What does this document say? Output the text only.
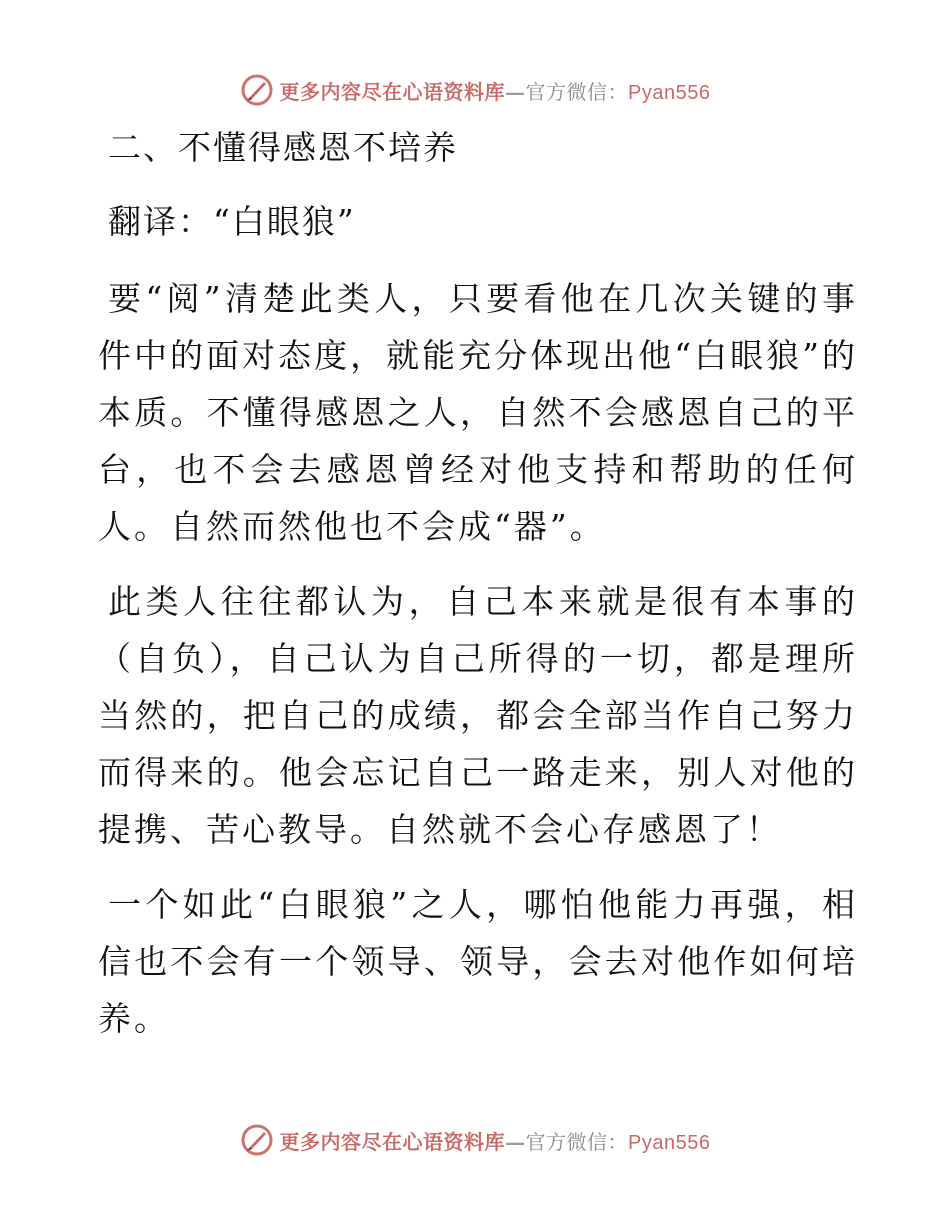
更多内容尽在心语资料库—官方微信：Pyan556
二、不懂得感恩不培养
翻译：“白眼狼”

要“阅”清楚此类人，只要看他在几次关键的事件中的面对态度，就能充分体现出他“白眼狼”的本质。不懂得感恩之人，自然不会感恩自己的平台，也不会去感恩曾经对他支持和帮助的任何人。自然而然他也不会成“器”。

此类人往往都认为，自己本来就是很有本事的（自负），自己认为自己所得的一切，都是理所当然的，把自己的成绩，都会全部当作自己努力而得来的。他会忘记自己一路走来，别人对他的提携、苦心教导。自然就不会心存感恩了！

一个如此“白眼狼”之人，哪怕他能力再强，相信也不会有一个领导、领导，会去对他作如何培养。

更多内容尽在心语资料库—官方微信：Pyan556
